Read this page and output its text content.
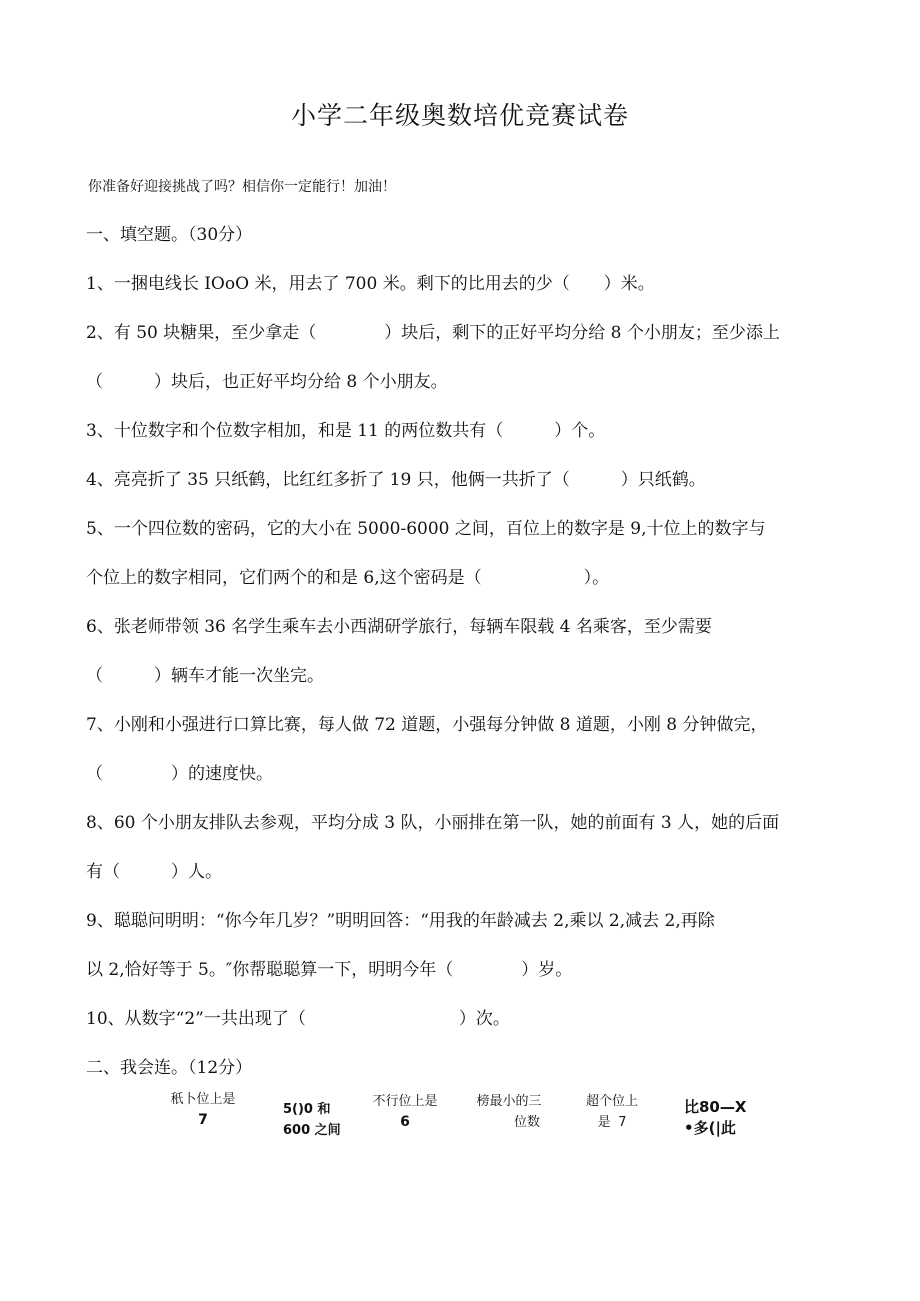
小学二年级奥数培优竞赛试卷
你准备好迎接挑战了吗？相信你一定能行！加油！
一、填空题。（30分）
1、一捆电线长 IOoO 米，用去了 700 米。剩下的比用去的少（　　）米。
2、有 50 块糖果，至少拿走（　　　　）块后，剩下的正好平均分给 8 个小朋友；至少添上
（　　　）块后，也正好平均分给 8 个小朋友。
3、十位数字和个位数字相加，和是 11 的两位数共有（　　　）个。
4、亮亮折了 35 只纸鹤，比红红多折了 19 只，他俩一共折了（　　　）只纸鹤。
5、一个四位数的密码，它的大小在 5000-6000 之间，百位上的数字是 9,十位上的数字与
个位上的数字相同，它们两个的和是 6,这个密码是（　　　　　　）。
6、张老师带领 36 名学生乘车去小西湖研学旅行，每辆车限载 4 名乘客，至少需要
（　　　）辆车才能一次坐完。
7、小刚和小强进行口算比赛，每人做 72 道题，小强每分钟做 8 道题，小刚 8 分钟做完，
（　　　　）的速度快。
8、60 个小朋友排队去参观，平均分成 3 队，小丽排在第一队，她的前面有 3 人，她的后面
有（　　　）人。
9、聪聪问明明：“你今年几岁？”明明回答：“用我的年龄减去 2,乘以 2,减去 2,再除
以 2,恰好等于 5。″你帮聪聪算一下，明明今年（　　　　）岁。
10、从数字“2”一共出现了（　　　　　　　　　）次。
二、我会连。（12分）
秖卜位上是
7
5()0 和
600 之间
不行位上是
6
榜最小的三
位数
超个位上
是 7
比80—X
•多(|此
